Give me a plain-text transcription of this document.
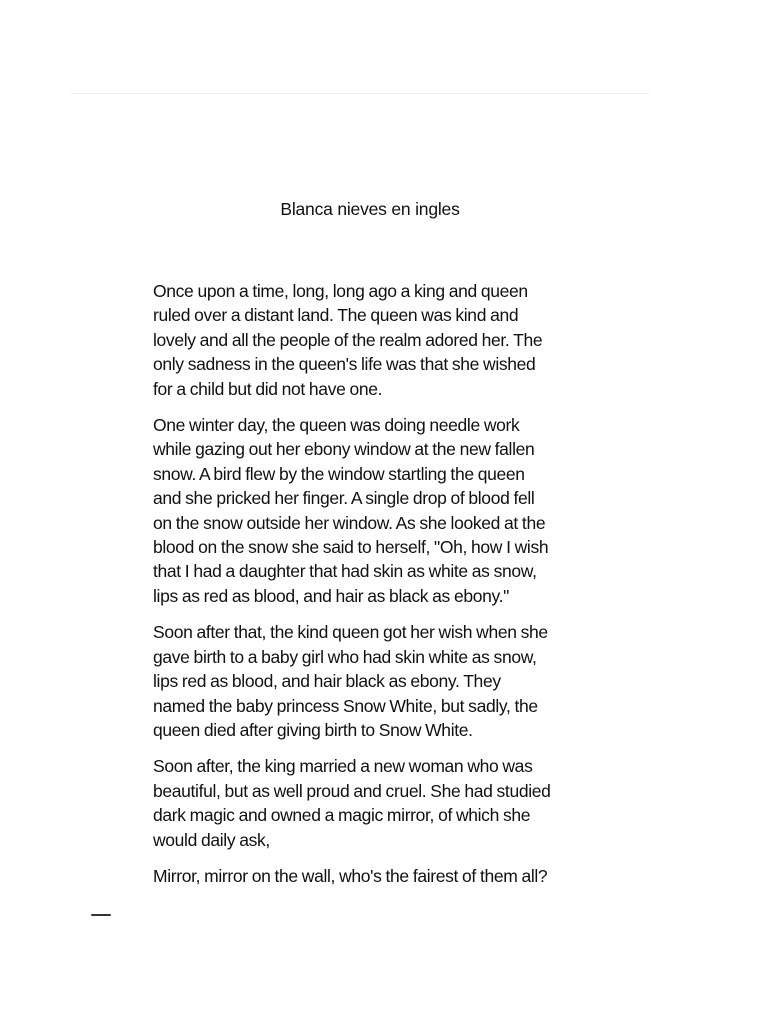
Blanca nieves en ingles

Once upon a time, long, long ago a king and queen
ruled over a distant land. The queen was kind and
lovely and all the people of the realm adored her. The
only sadness in the queen's life was that she wished
for a child but did not have one.

One winter day, the queen was doing needle work
while gazing out her ebony window at the new fallen
snow. A bird flew by the window startling the queen
and she pricked her finger. A single drop of blood fell
on the snow outside her window. As she looked at the
blood on the snow she said to herself, "Oh, how I wish
that I had a daughter that had skin as white as snow,
lips as red as blood, and hair as black as ebony."

Soon after that, the kind queen got her wish when she
gave birth to a baby girl who had skin white as snow,
lips red as blood, and hair black as ebony. They
named the baby princess Snow White, but sadly, the
queen died after giving birth to Snow White.

Soon after, the king married a new woman who was
beautiful, but as well proud and cruel. She had studied
dark magic and owned a magic mirror, of which she
would daily ask,

Mirror, mirror on the wall, who's the fairest of them all?
